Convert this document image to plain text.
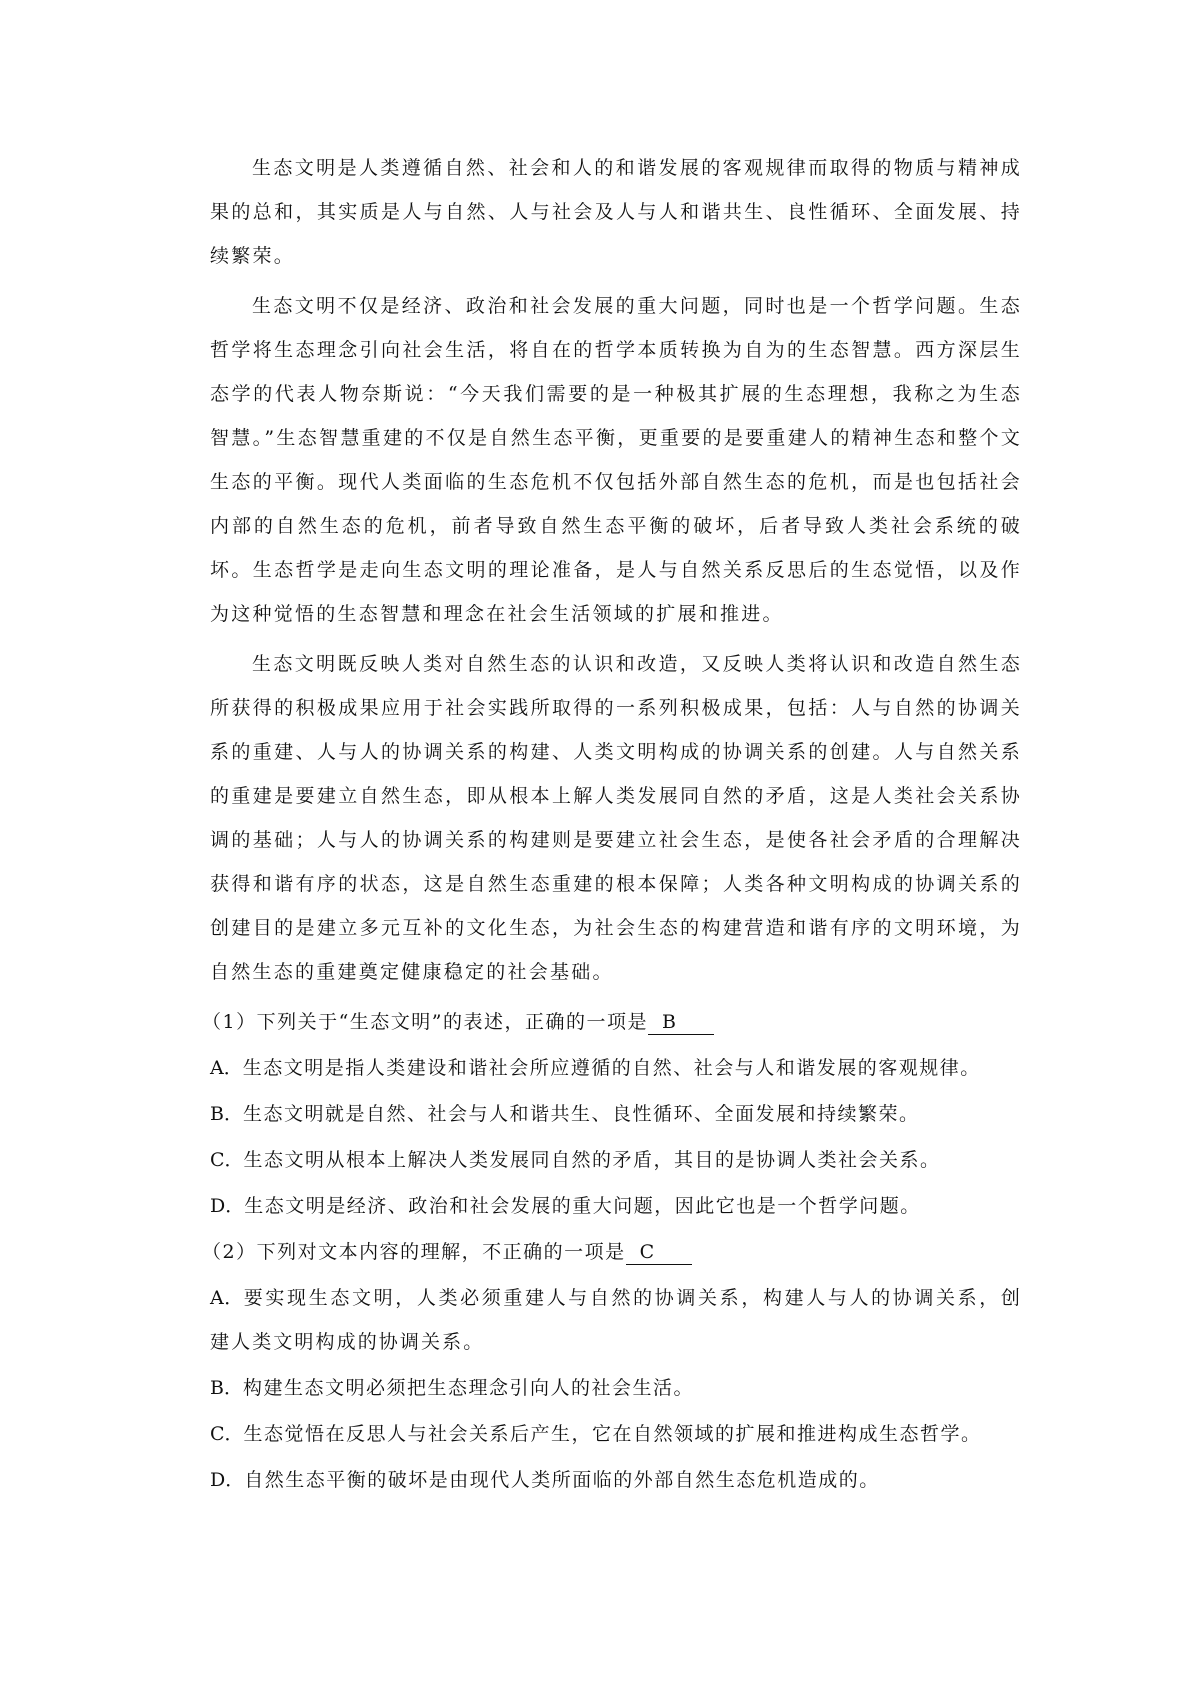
生态文明是人类遵循自然、社会和人的和谐发展的客观规律而取得的物质与精神成果的总和，其实质是人与自然、人与社会及人与人和谐共生、良性循环、全面发展、持续繁荣。

生态文明不仅是经济、政治和社会发展的重大问题，同时也是一个哲学问题。生态哲学将生态理念引向社会生活，将自在的哲学本质转换为自为的生态智慧。西方深层生态学的代表人物奈斯说：“今天我们需要的是一种极其扩展的生态理想，我称之为生态智慧。”生态智慧重建的不仅是自然生态平衡，更重要的是要重建人的精神生态和整个文生态的平衡。现代人类面临的生态危机不仅包括外部自然生态的危机，而是也包括社会内部的自然生态的危机，前者导致自然生态平衡的破坏，后者导致人类社会系统的破坏。生态哲学是走向生态文明的理论准备，是人与自然关系反思后的生态觉悟，以及作为这种觉悟的生态智慧和理念在社会生活领域的扩展和推进。

生态文明既反映人类对自然生态的认识和改造，又反映人类将认识和改造自然生态所获得的积极成果应用于社会实践所取得的一系列积极成果，包括：人与自然的协调关系的重建、人与人的协调关系的构建、人类文明构成的协调关系的创建。人与自然关系的重建是要建立自然生态，即从根本上解人类发展同自然的矛盾，这是人类社会关系协调的基础；人与人的协调关系的构建则是要建立社会生态，是使各社会矛盾的合理解决获得和谐有序的状态，这是自然生态重建的根本保障；人类各种文明构成的协调关系的创建目的是建立多元互补的文化生态，为社会生态的构建营造和谐有序的文明环境，为自然生态的重建奠定健康稳定的社会基础。

（1）下列关于“生态文明”的表述，正确的一项是 B

A．生态文明是指人类建设和谐社会所应遵循的自然、社会与人和谐发展的客观规律。

B．生态文明就是自然、社会与人和谐共生、良性循环、全面发展和持续繁荣。

C．生态文明从根本上解决人类发展同自然的矛盾，其目的是协调人类社会关系。

D．生态文明是经济、政治和社会发展的重大问题，因此它也是一个哲学问题。

（2）下列对文本内容的理解，不正确的一项是 C

A．要实现生态文明，人类必须重建人与自然的协调关系，构建人与人的协调关系，创建人类文明构成的协调关系。

B．构建生态文明必须把生态理念引向人的社会生活。

C．生态觉悟在反思人与社会关系后产生，它在自然领域的扩展和推进构成生态哲学。

D．自然生态平衡的破坏是由现代人类所面临的外部自然生态危机造成的。
